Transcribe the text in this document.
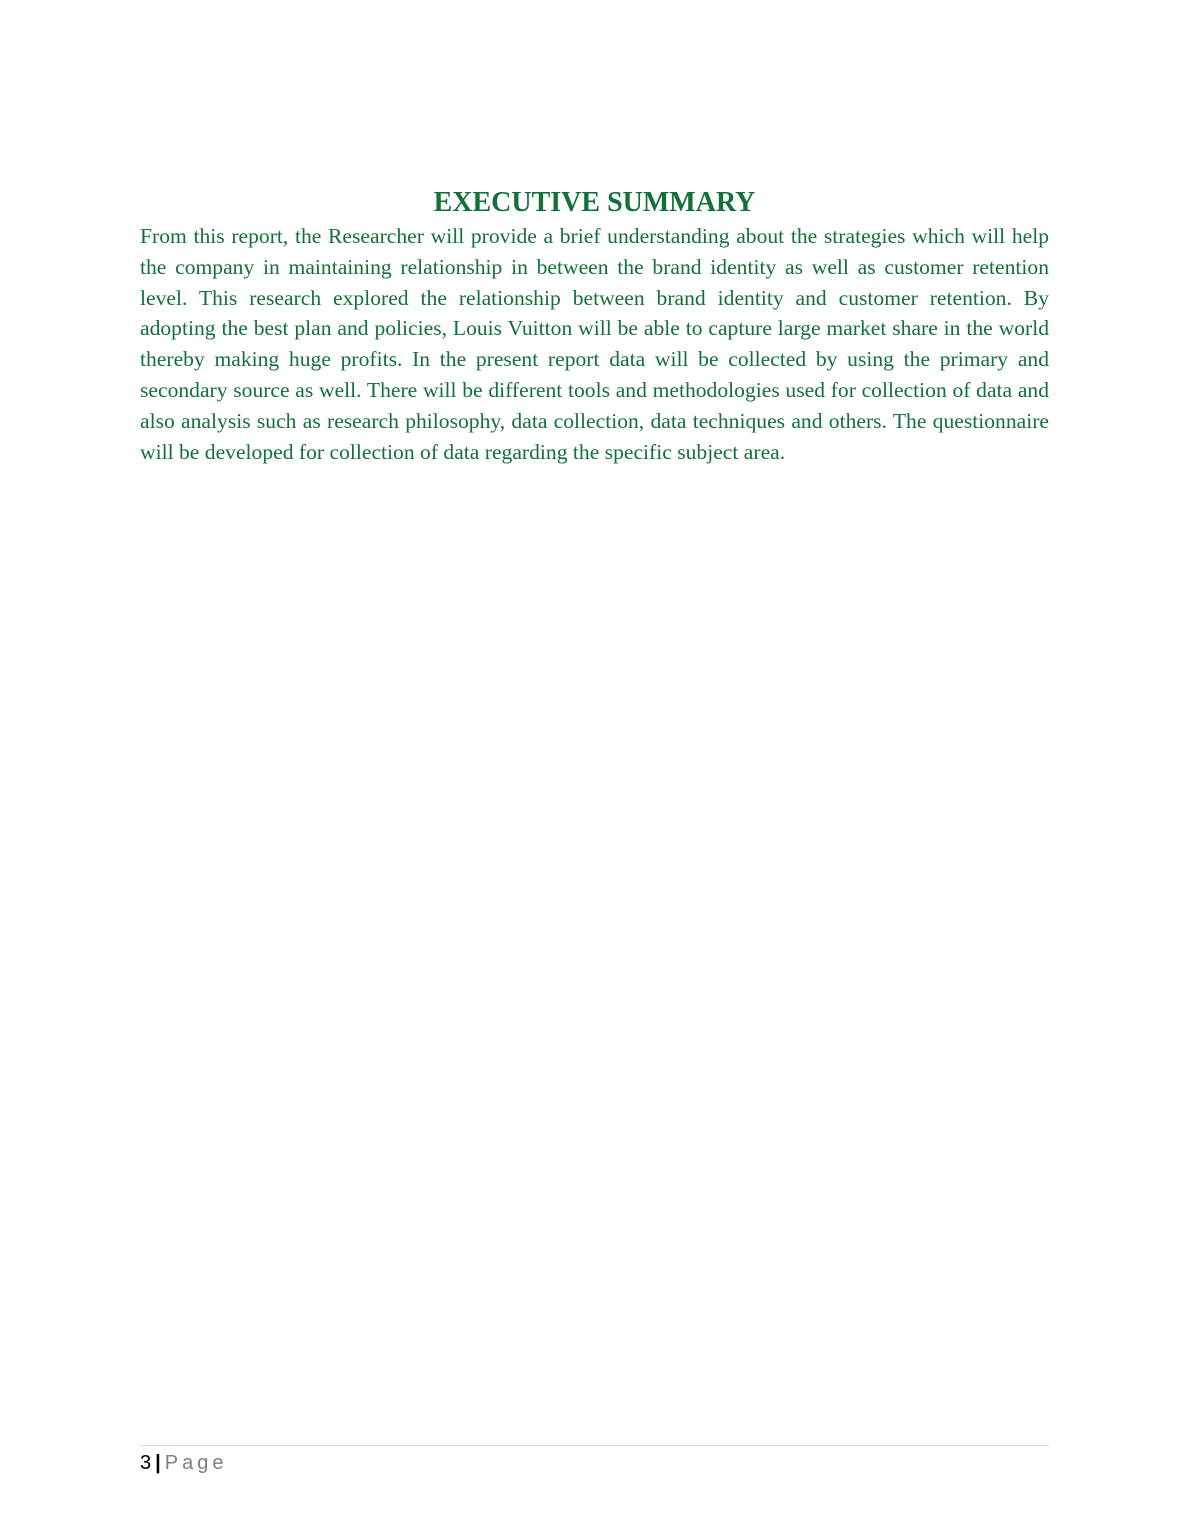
EXECUTIVE SUMMARY

From this report, the Researcher will provide a brief understanding about the strategies which will help the company in maintaining relationship in between the brand identity as well as customer retention level. This research explored the relationship between brand identity and customer retention. By adopting the best plan and policies, Louis Vuitton will be able to capture large market share in the world thereby making huge profits. In the present report data will be collected by using the primary and secondary source as well. There will be different tools and methodologies used for collection of data and also analysis such as research philosophy, data collection, data techniques and others. The questionnaire will be developed for collection of data regarding the specific subject area.

3 | Page
